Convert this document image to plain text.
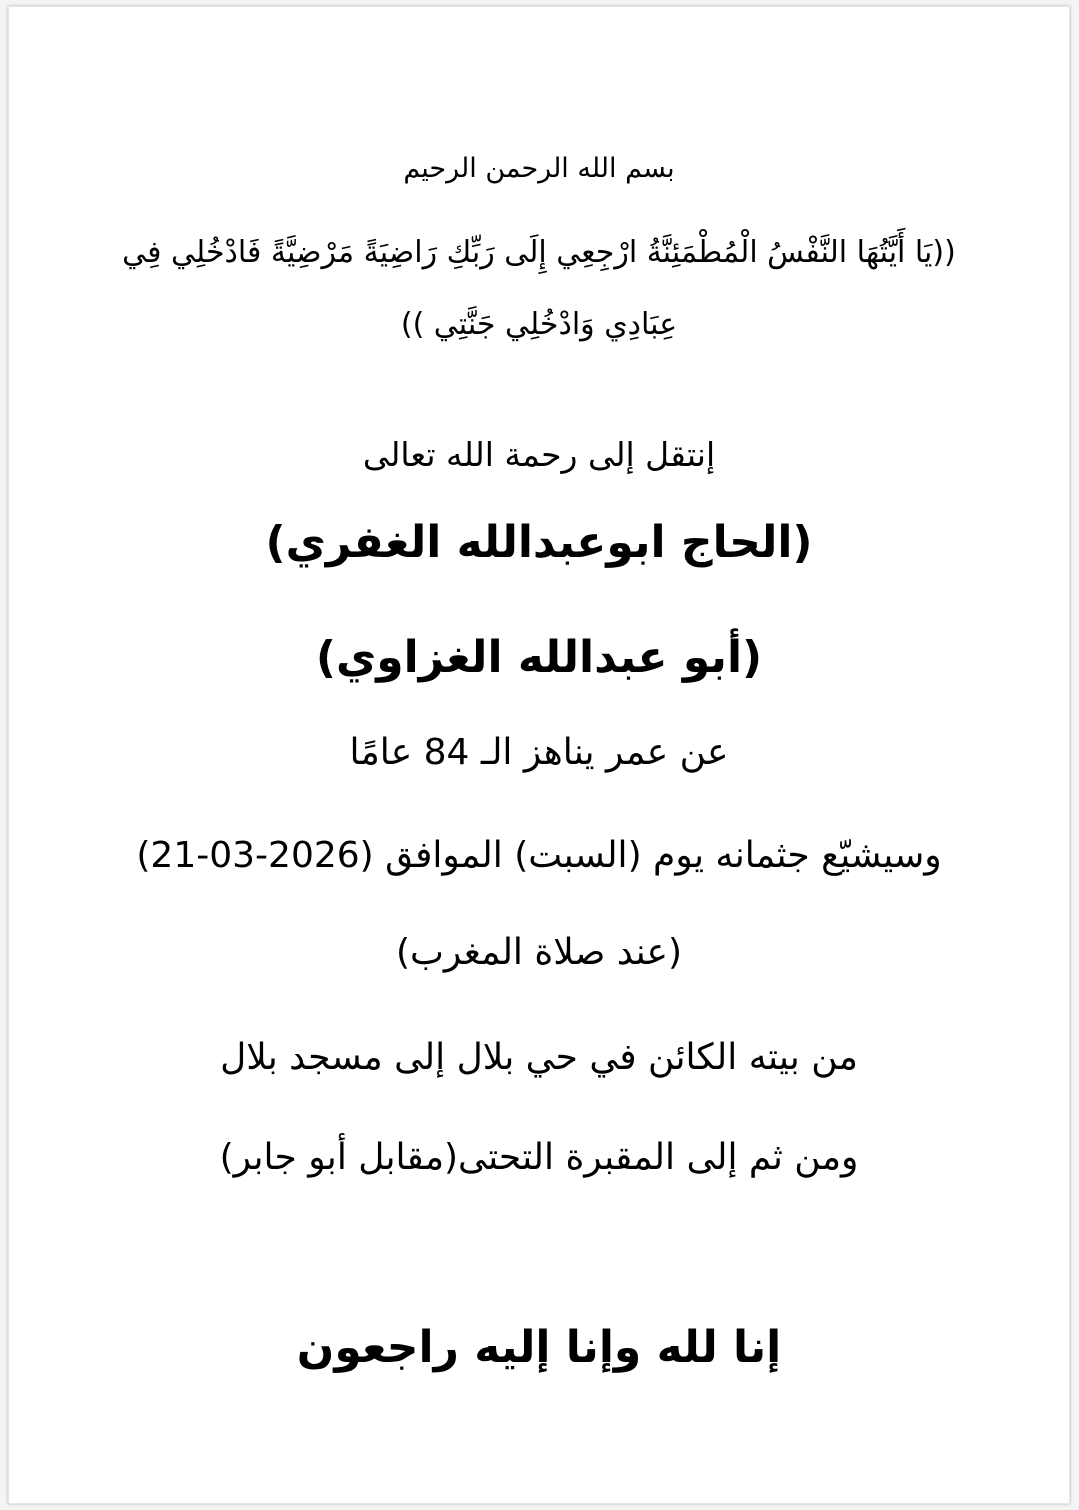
بسم الله الرحمن الرحيم
((يَا أَيَّتُهَا النَّفْسُ الْمُطْمَئِنَّةُ ارْجِعِي إِلَى رَبِّكِ رَاضِيَةً مَرْضِيَّةً فَادْخُلِي فِي
عِبَادِي وَادْخُلِي جَنَّتِي ))
إنتقل إلى رحمة الله تعالى
(الحاج ابوعبدالله الغفري)
(أبو عبدالله الغزاوي)
عن عمر يناهز الـ 84 عامًا
وسيشيّع جثمانه يوم (السبت) الموافق (2026-03-21)
(عند صلاة المغرب)
من بيته الكائن في حي بلال إلى مسجد بلال
ومن ثم إلى المقبرة التحتى(مقابل أبو جابر)
إنا لله وإنا إليه راجعون
